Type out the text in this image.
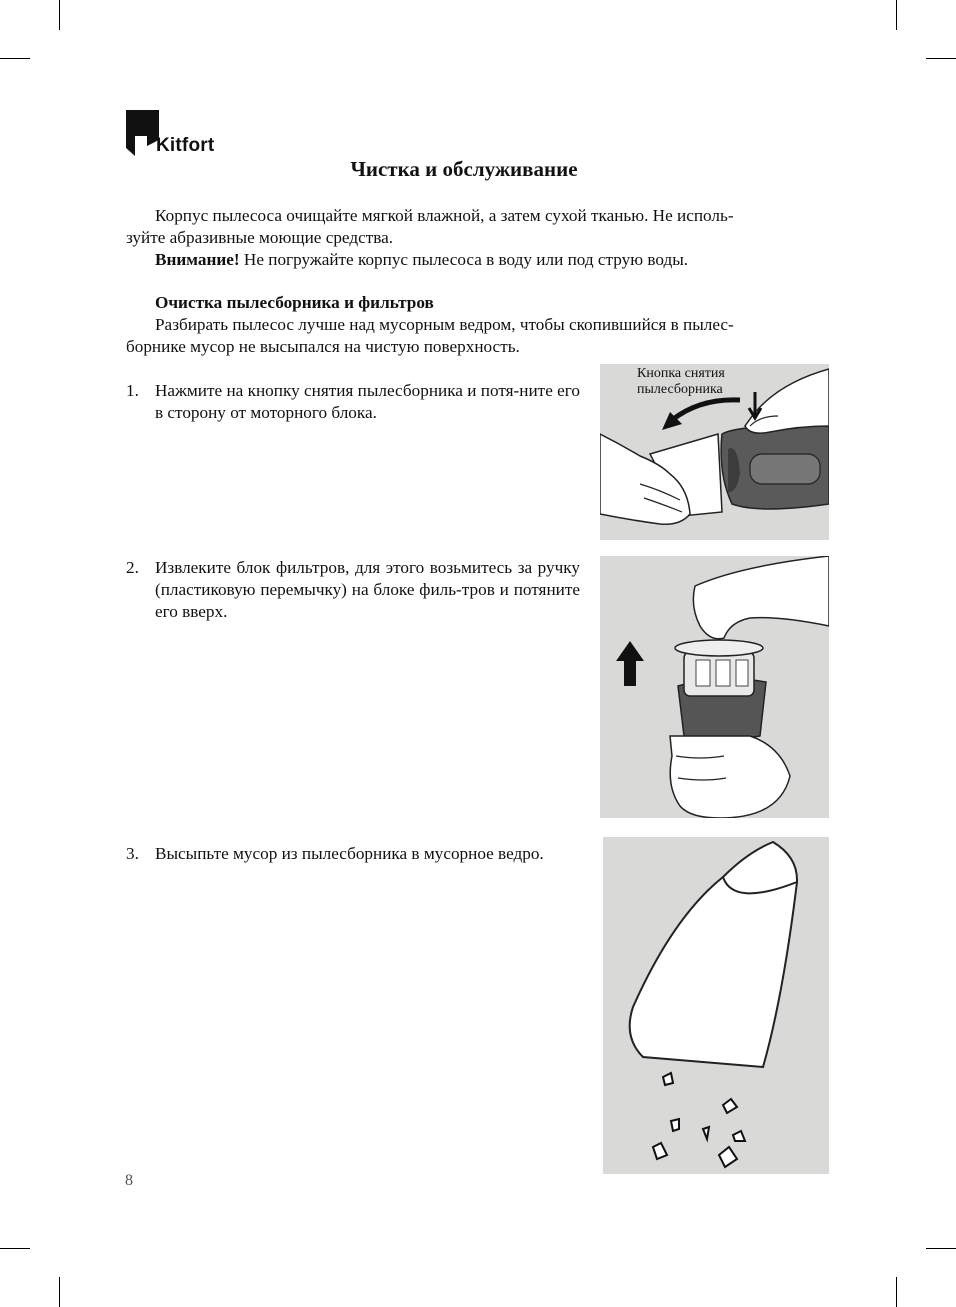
Kitfort
Чистка и обслуживание
Корпус пылесоса очищайте мягкой влажной, а затем сухой тканью. Не исполь-
зуйте абразивные моющие средства.
Внимание! Не погружайте корпус пылесоса в воду или под струю воды.
Очистка пылесборника и фильтров
Разбирать пылесос лучше над мусорным ведром, чтобы скопившийся в пылес-
борнике мусор не высыпался на чистую поверхность.
1. Нажмите на кнопку снятия пылесборника и потя-ните его в сторону от моторного блока.
2. Извлеките блок фильтров, для этого возьмитесь за ручку (пластиковую перемычку) на блоке филь-тров и потяните его вверх.
3. Высыпьте мусор из пылесборника в мусорное ведро.
Кнопка снятия
пылесборника
8
